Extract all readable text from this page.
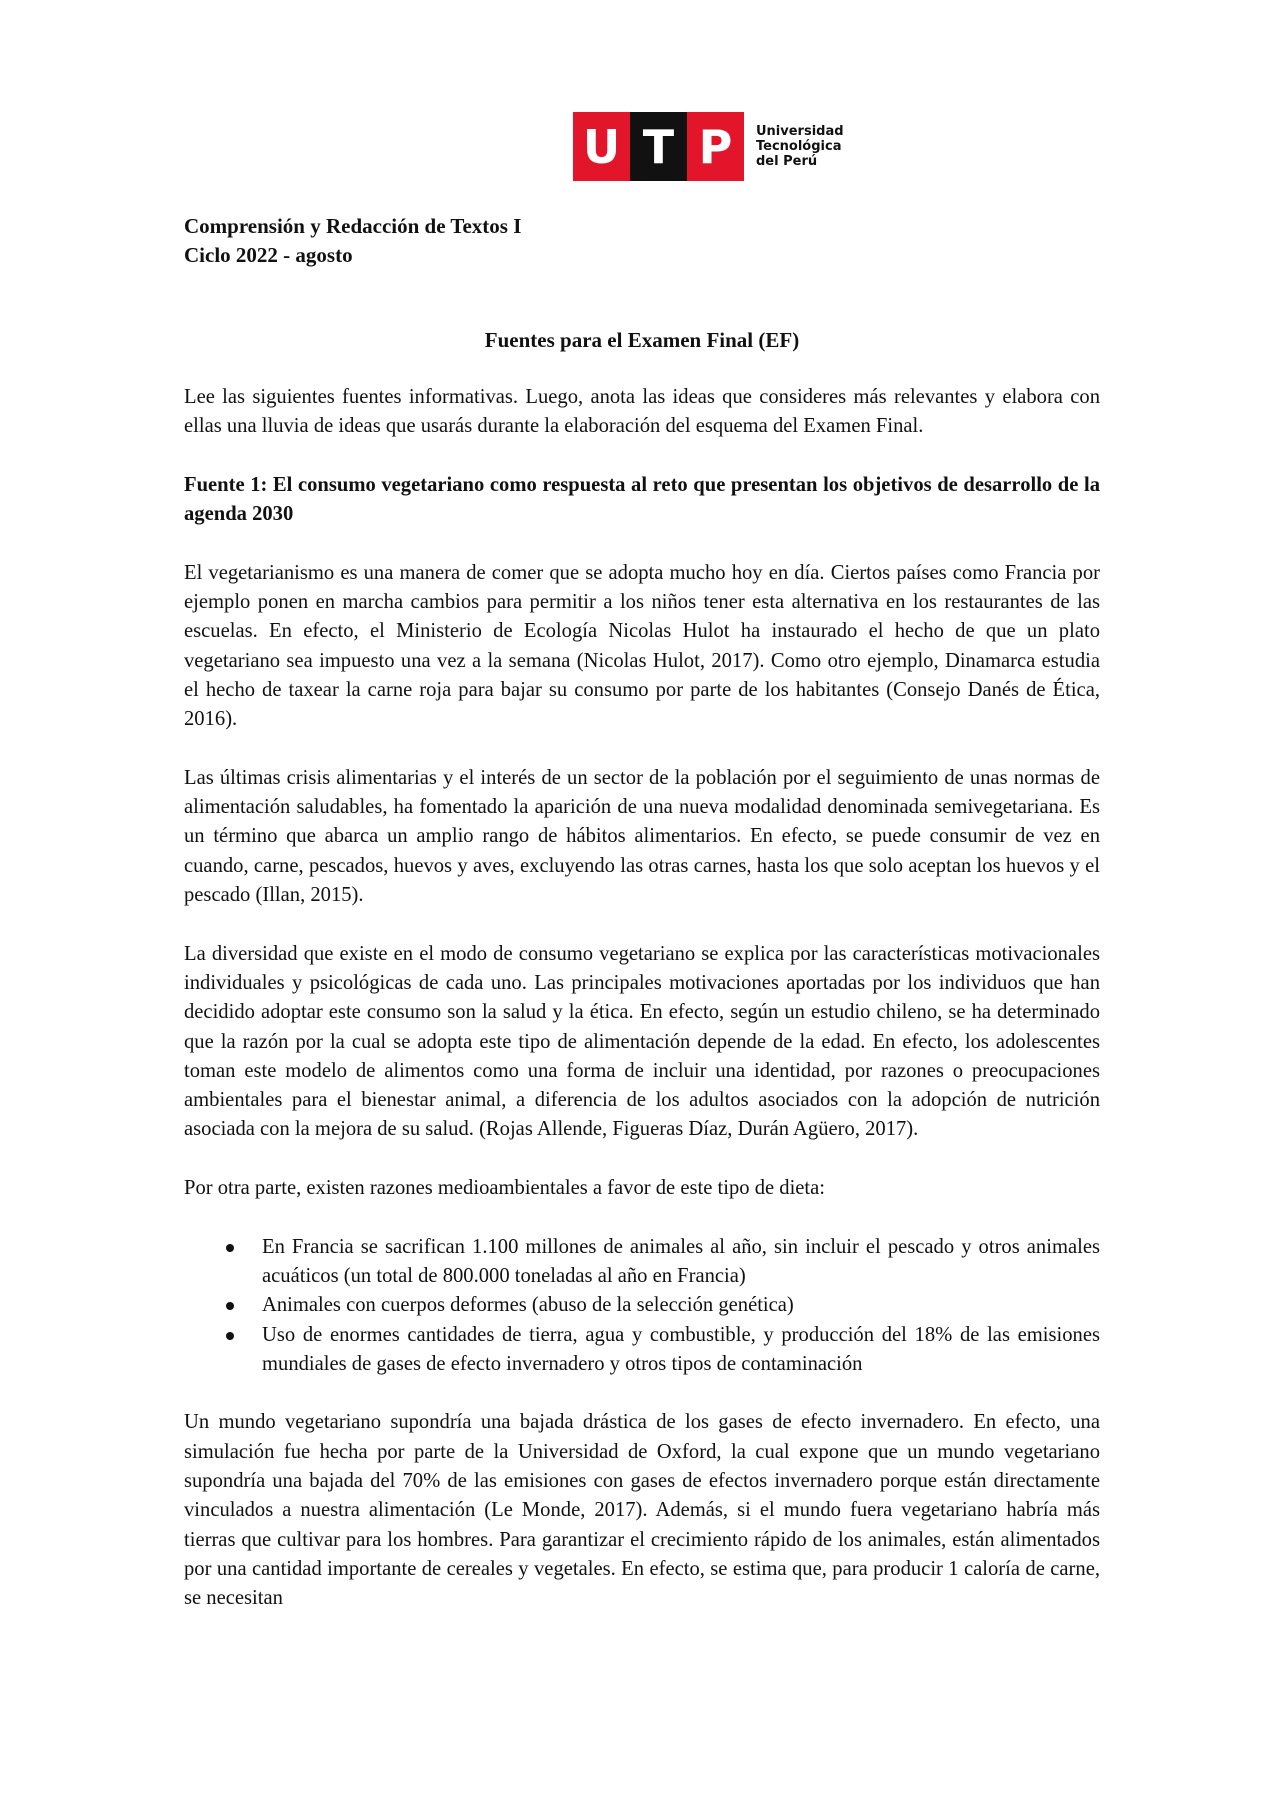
U T P	Universidad
Tecnológica
del Perú
Comprensión y Redacción de Textos I
Ciclo 2022 - agosto
Fuentes para el Examen Final (EF)

Lee las siguientes fuentes informativas. Luego, anota las ideas que consideres más relevantes y elabora con ellas una lluvia de ideas que usarás durante la elaboración del esquema del Examen Final.

Fuente 1: El consumo vegetariano como respuesta al reto que presentan los objetivos de desarrollo de la agenda 2030

El vegetarianismo es una manera de comer que se adopta mucho hoy en día. Ciertos países como Francia por ejemplo ponen en marcha cambios para permitir a los niños tener esta alternativa en los restaurantes de las escuelas. En efecto, el Ministerio de Ecología Nicolas Hulot ha instaurado el hecho de que un plato vegetariano sea impuesto una vez a la semana (Nicolas Hulot, 2017). Como otro ejemplo, Dinamarca estudia el hecho de taxear la carne roja para bajar su consumo por parte de los habitantes (Consejo Danés de Ética, 2016).

Las últimas crisis alimentarias y el interés de un sector de la población por el seguimiento de unas normas de alimentación saludables, ha fomentado la aparición de una nueva modalidad denominada semivegetariana. Es un término que abarca un amplio rango de hábitos alimentarios. En efecto, se puede consumir de vez en cuando, carne, pescados, huevos y aves, excluyendo las otras carnes, hasta los que solo aceptan los huevos y el pescado (Illan, 2015).

La diversidad que existe en el modo de consumo vegetariano se explica por las características motivacionales individuales y psicológicas de cada uno. Las principales motivaciones aportadas por los individuos que han decidido adoptar este consumo son la salud y la ética. En efecto, según un estudio chileno, se ha determinado que la razón por la cual se adopta este tipo de alimentación depende de la edad. En efecto, los adolescentes toman este modelo de alimentos como una forma de incluir una identidad, por razones o preocupaciones ambientales para el bienestar animal, a diferencia de los adultos asociados con la adopción de nutrición asociada con la mejora de su salud. (Rojas Allende, Figueras Díaz, Durán Agüero, 2017).

Por otra parte, existen razones medioambientales a favor de este tipo de dieta:

En Francia se sacrifican 1.100 millones de animales al año, sin incluir el pescado y otros animales acuáticos (un total de 800.000 toneladas al año en Francia)
Animales con cuerpos deformes (abuso de la selección genética)
Uso de enormes cantidades de tierra, agua y combustible, y producción del 18% de las emisiones mundiales de gases de efecto invernadero y otros tipos de contaminación

Un mundo vegetariano supondría una bajada drástica de los gases de efecto invernadero. En efecto, una simulación fue hecha por parte de la Universidad de Oxford, la cual expone que un mundo vegetariano supondría una bajada del 70% de las emisiones con gases de efectos invernadero porque están directamente vinculados a nuestra alimentación (Le Monde, 2017). Además, si el mundo fuera vegetariano habría más tierras que cultivar para los hombres. Para garantizar el crecimiento rápido de los animales, están alimentados por una cantidad importante de cereales y vegetales. En efecto, se estima que, para producir 1 caloría de carne, se necesitan
